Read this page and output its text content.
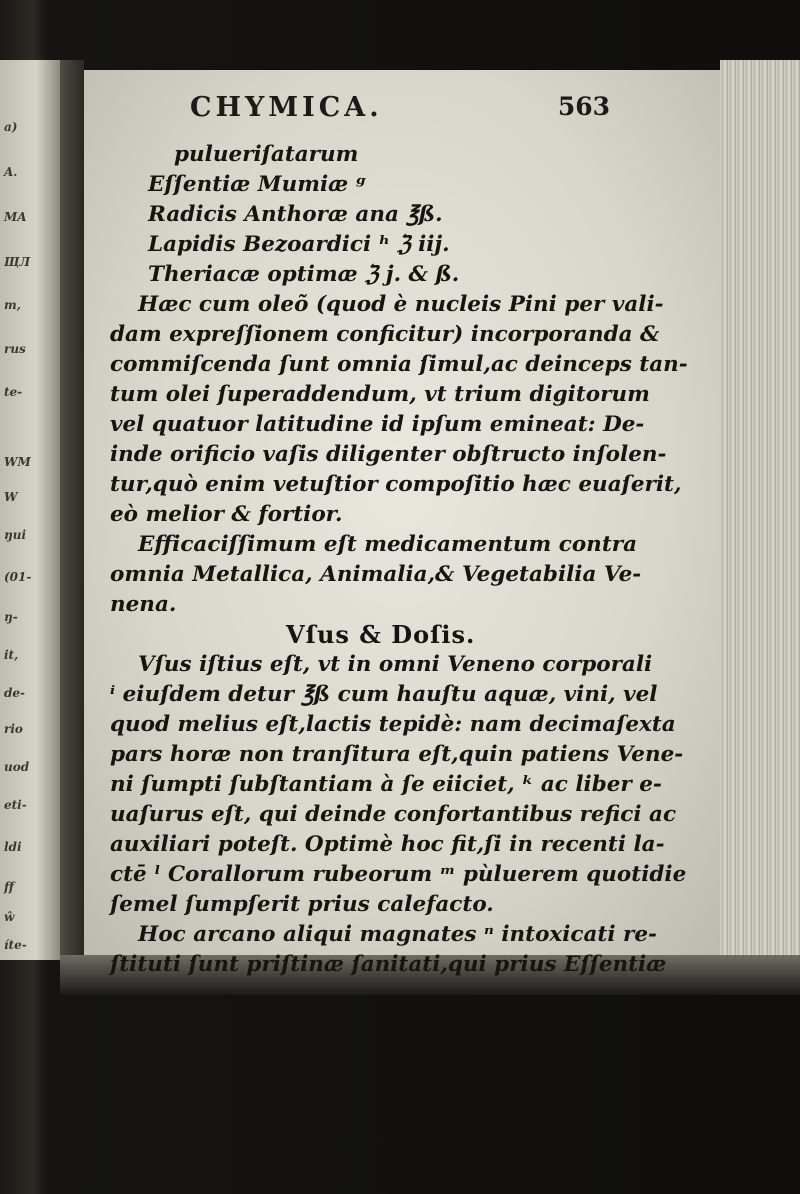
a)
A.
MA
ЩЛ
m,
rus
te-
WM
W
ŋui
(01-
ŋ-
it,
de-
rio
uod
eti-
ldi
ff
ŵ
íte-
CHYMICA.	563
pulueriſatarum
Eſſentiæ Mumiæ ᵍ
Radicis Anthoræ ana ℥ß.
Lapidis Bezoardici ʰ ℨ iij.
Theriacæ optimæ ℨ j. & ß.
Hæc cum oleõ (quod è nucleis Pini per vali-
dam expreſſionem conficitur) incorporanda &
commiſcenda ſunt omnia ſimul,ac deinceps tan-
tum olei ſuperaddendum, vt trium digitorum
vel quatuor latitudine id ipſum emineat: De-
inde orificio vaſis diligenter obſtructo inſolen-
tur,quò enim vetuſtior compoſitio hæc euaſerit,
eò melior & fortior.
Efficaciſſimum eſt medicamentum contra
omnia Metallica, Animalia,& Vegetabilia Ve-
nena.
Vſus & Doſis.
Vſus iſtius eſt, vt in omni Veneno corporali
ⁱ eiuſdem detur ℥ß cum hauſtu aquæ, vini, vel
quod melius eſt,lactis tepidè: nam decimaſexta
pars horæ non tranſitura eſt,quin patiens Vene-
ni ſumpti ſubſtantiam à ſe eiiciet, ᵏ ac liber e-
uaſurus eſt, qui deinde confortantibus refici ac
auxiliari poteſt. Optimè hoc fit,ſi in recenti la-
ctē ˡ Corallorum rubeorum ᵐ pùluerem quotidie
ſemel ſumpſerit prius calefacto.
Hoc arcano aliqui magnates ⁿ intoxicati re-
ſtituti ſunt priſtinæ ſanitati,qui prius Eſſentiæ
